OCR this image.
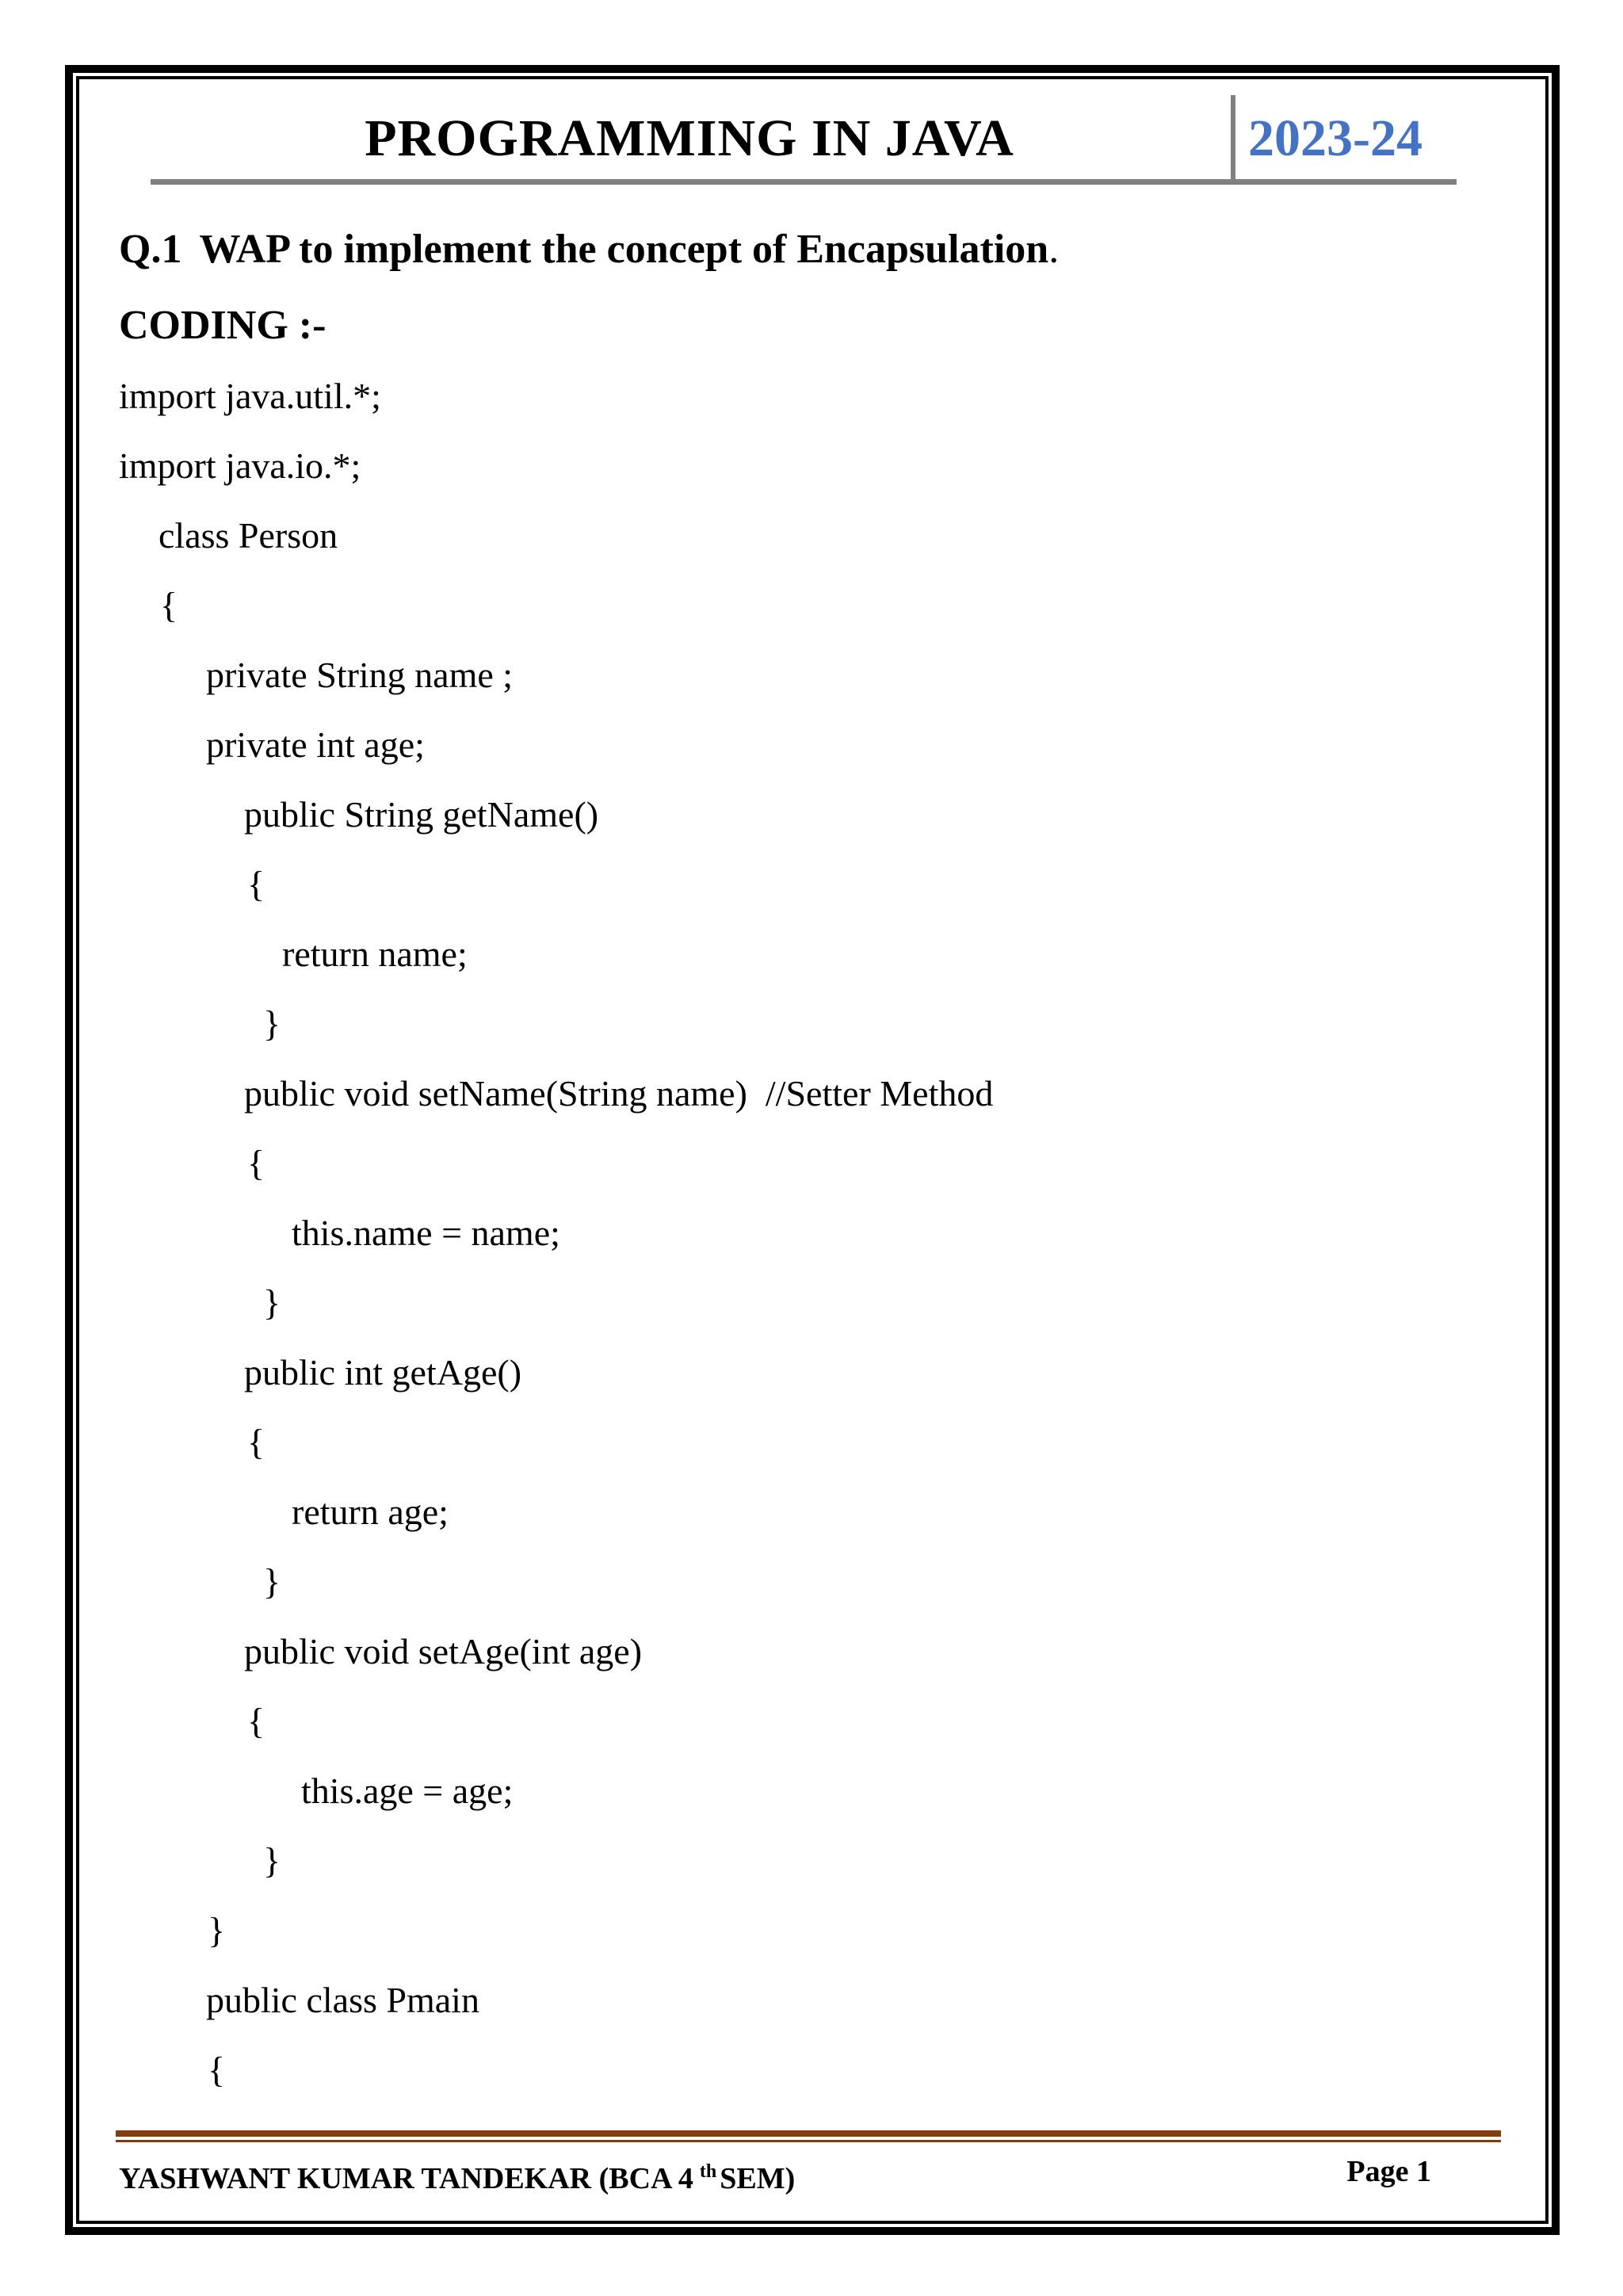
PROGRAMMING IN JAVA	2023-24
Q.1 WAP to implement the concept of Encapsulation.
CODING :-
import java.util.*;
import java.io.*;
class Person
{
private String name ;
private int age;
public String getName()
{
return name;
}
public void setName(String name)  //Setter Method
{
this.name = name;
}
public int getAge()
{
return age;
}
public void setAge(int age)
{
this.age = age;
}
}
public class Pmain
{
YASHWANT KUMAR TANDEKAR (BCA 4 $^{th}$ SEM)	Page 1
